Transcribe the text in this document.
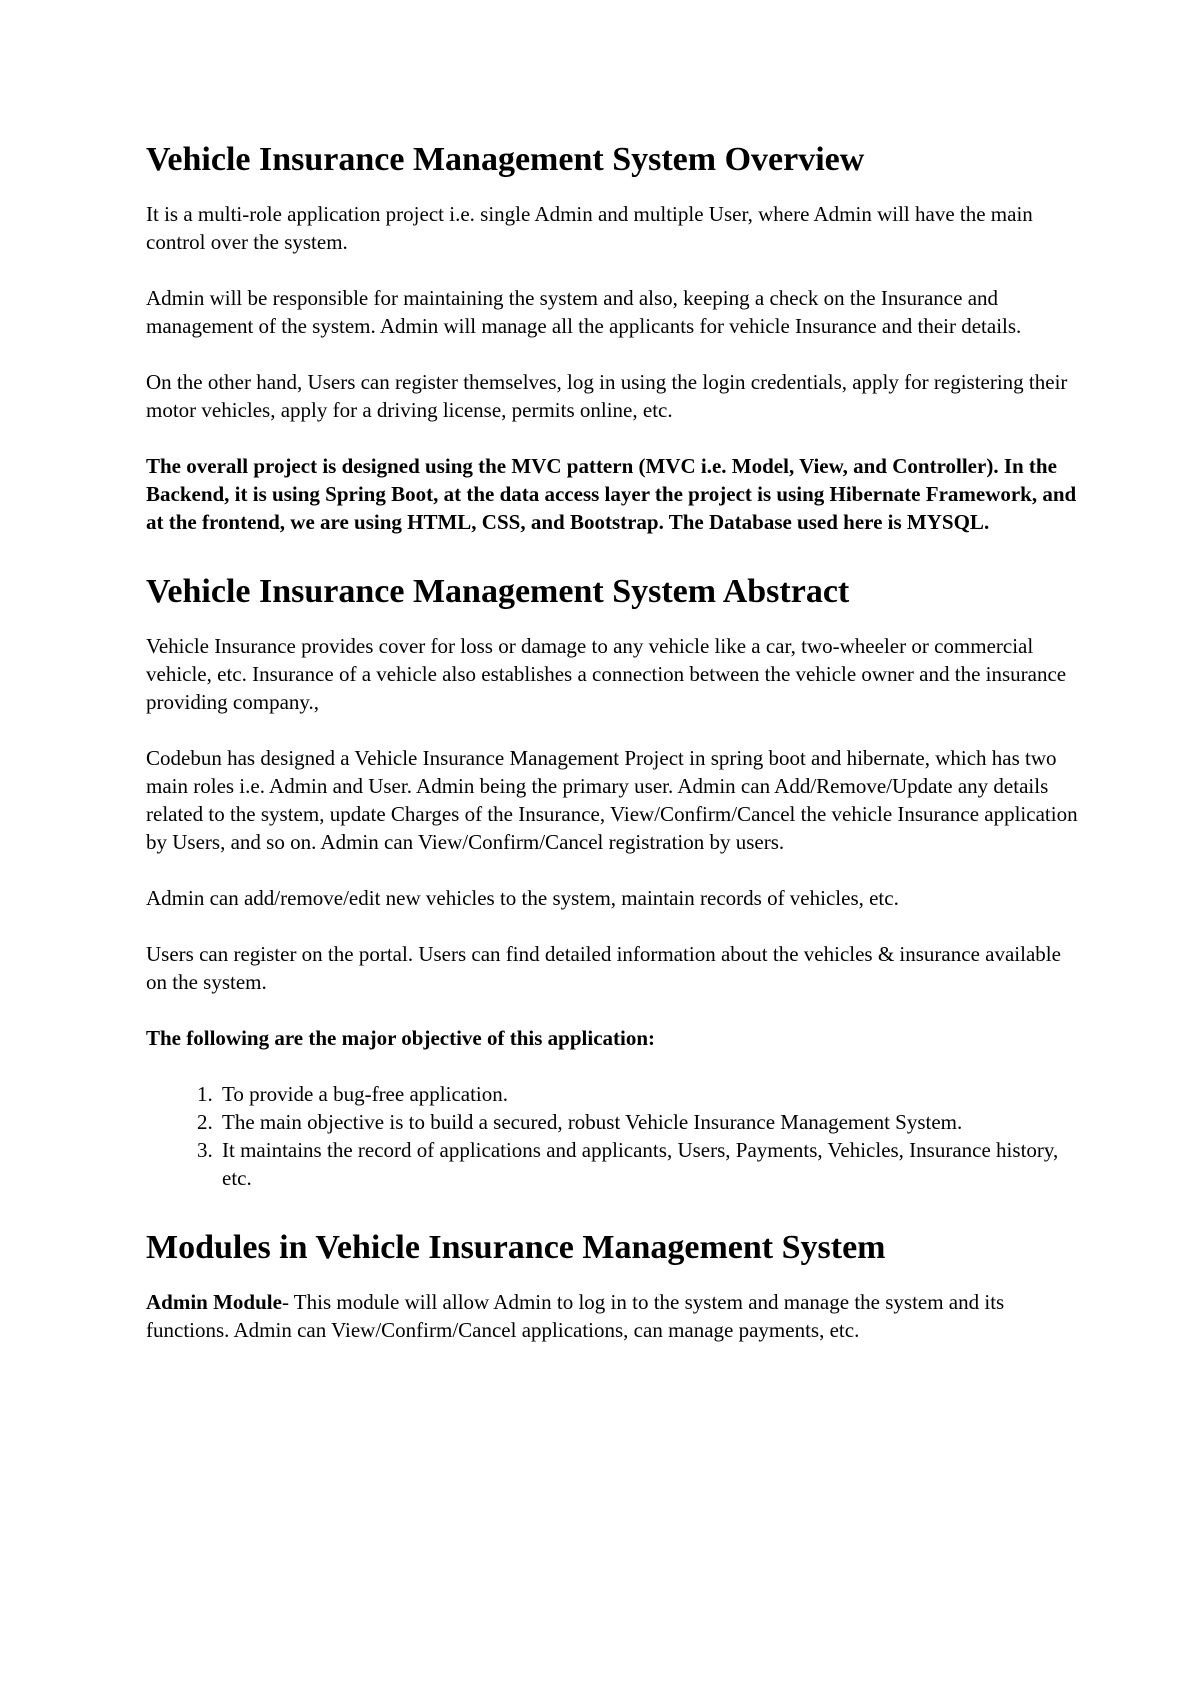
Vehicle Insurance Management System Overview

It is a multi-role application project i.e. single Admin and multiple User, where Admin will have the main control over the system.

Admin will be responsible for maintaining the system and also, keeping a check on the Insurance and management of the system. Admin will manage all the applicants for vehicle Insurance and their details.

On the other hand, Users can register themselves, log in using the login credentials, apply for registering their motor vehicles, apply for a driving license, permits online, etc.

The overall project is designed using the MVC pattern (MVC i.e. Model, View, and Controller). In the Backend, it is using Spring Boot, at the data access layer the project is using Hibernate Framework, and at the frontend, we are using HTML, CSS, and Bootstrap. The Database used here is MYSQL.

Vehicle Insurance Management System Abstract

Vehicle Insurance provides cover for loss or damage to any vehicle like a car, two-wheeler or commercial vehicle, etc. Insurance of a vehicle also establishes a connection between the vehicle owner and the insurance providing company.,

Codebun has designed a Vehicle Insurance Management Project in spring boot and hibernate, which has two main roles i.e. Admin and User. Admin being the primary user. Admin can Add/Remove/Update any details related to the system, update Charges of the Insurance, View/Confirm/Cancel the vehicle Insurance application by Users, and so on. Admin can View/Confirm/Cancel registration by users.

Admin can add/remove/edit new vehicles to the system, maintain records of vehicles, etc.

Users can register on the portal. Users can find detailed information about the vehicles & insurance available on the system.

The following are the major objective of this application:

1. To provide a bug-free application.
2. The main objective is to build a secured, robust Vehicle Insurance Management System.
3. It maintains the record of applications and applicants, Users, Payments, Vehicles, Insurance history, etc.
Modules in Vehicle Insurance Management System

Admin Module- This module will allow Admin to log in to the system and manage the system and its functions. Admin can View/Confirm/Cancel applications, can manage payments, etc.
